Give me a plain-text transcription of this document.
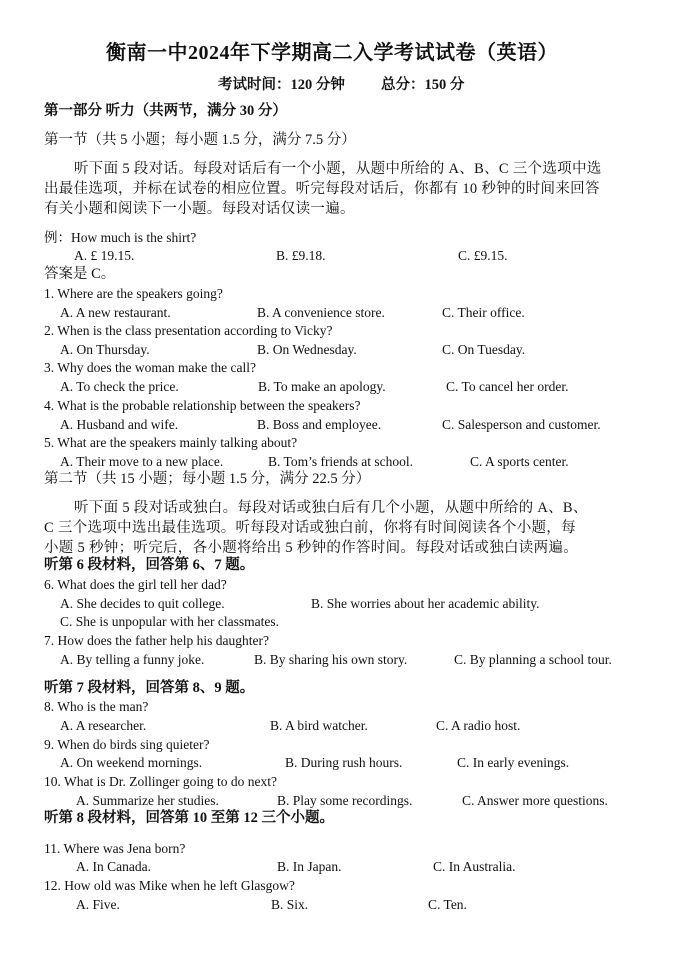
衡南一中2024年下学期高二入学考试试卷（英语）
考试时间：120 分钟 总分：150 分
第一部分 听力（共两节，满分 30 分）
第一节（共 5 小题；每小题 1.5 分，满分 7.5 分）
听下面 5 段对话。每段对话后有一个小题，从题中所给的 A、B、C 三个选项中选
出最佳选项，并标在试卷的相应位置。听完每段对话后，你都有 10 秒钟的时间来回答
有关小题和阅读下一小题。每段对话仅读一遍。
例：How much is the shirt?
A. £ 19.15.	B. £9.18.	C. £9.15.
答案是 C。
1. Where are the speakers going?
A. A new restaurant.	B. A convenience store.	C. Their office.
2. When is the class presentation according to Vicky?
A. On Thursday.	B. On Wednesday.	C. On Tuesday.
3. Why does the woman make the call?
A. To check the price.	B. To make an apology.	C. To cancel her order.
4. What is the probable relationship between the speakers?
A. Husband and wife.	B. Boss and employee.	C. Salesperson and customer.
5. What are the speakers mainly talking about?
A. Their move to a new place.	B. Tom’s friends at school.	C. A sports center.
第二节（共 15 小题；每小题 1.5 分，满分 22.5 分）
听下面 5 段对话或独白。每段对话或独白后有几个小题，从题中所给的 A、B、
C 三个选项中选出最佳选项。听每段对话或独白前，你将有时间阅读各个小题，每
小题 5 秒钟；听完后，各小题将给出 5 秒钟的作答时间。每段对话或独白读两遍。
听第 6 段材料，回答第 6、7 题。
6. What does the girl tell her dad?
A. She decides to quit college.	B. She worries about her academic ability.
C. She is unpopular with her classmates.
7. How does the father help his daughter?
A. By telling a funny joke.	B. By sharing his own story.	C. By planning a school tour.
听第 7 段材料，回答第 8、9 题。
8. Who is the man?
A. A researcher.	B. A bird watcher.	C. A radio host.
9. When do birds sing quieter?
A. On weekend mornings.	B. During rush hours.	C. In early evenings.
10. What is Dr. Zollinger going to do next?
A. Summarize her studies.	B. Play some recordings.	C. Answer more questions.
听第 8 段材料，回答第 10 至第 12 三个小题。
11. Where was Jena born?
A. In Canada.	B. In Japan.	C. In Australia.
12. How old was Mike when he left Glasgow?
A. Five.	B. Six.	C. Ten.
